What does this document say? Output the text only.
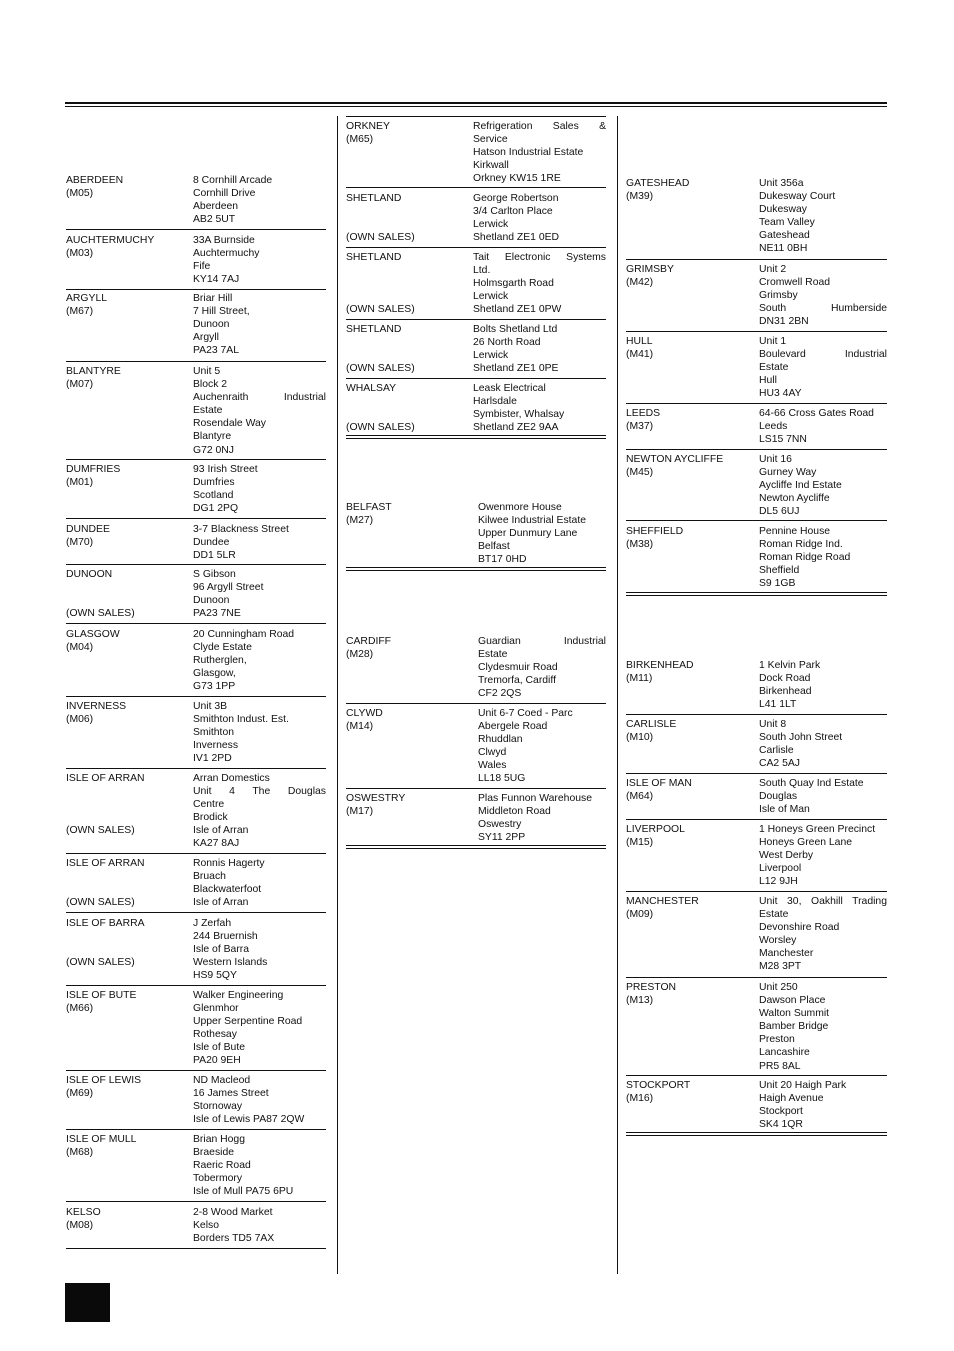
ABERDEEN
(M05)
8 Cornhill Arcade
Cornhill Drive
Aberdeen
AB2 5UT
AUCHTERMUCHY
(M03)
33A Burnside
Auchtermuchy
Fife
KY14 7AJ
ARGYLL
(M67)
Briar Hill
7 Hill Street,
Dunoon
Argyll
PA23 7AL
BLANTYRE
(M07)
Unit 5
Block 2
Auchenraith Industrial
Estate
Rosendale Way
Blantyre
G72 0NJ
DUMFRIES
(M01)
93 Irish Street
Dumfries
Scotland
DG1 2PQ
DUNDEE
(M70)
3-7 Blackness Street
Dundee
DD1 5LR
DUNOON
(OWN SALES)
S Gibson
96 Argyll Street
Dunoon
PA23 7NE
GLASGOW
(M04)
20 Cunningham Road
Clyde Estate
Rutherglen,
Glasgow,
G73 1PP
INVERNESS
(M06)
Unit 3B
Smithton Indust. Est.
Smithton
Inverness
IV1 2PD
ISLE OF ARRAN
(OWN SALES)
Arran Domestics
Unit 4 The Douglas
Centre
Brodick
Isle of Arran
KA27 8AJ
ISLE OF ARRAN
(OWN SALES)
Ronnis Hagerty
Bruach
Blackwaterfoot
Isle of Arran
ISLE OF BARRA
(OWN SALES)
J Zerfah
244 Bruernish
Isle of Barra
Western Islands
HS9 5QY
ISLE OF BUTE
(M66)
Walker Engineering
Glenmhor
Upper Serpentine Road
Rothesay
Isle of Bute
PA20 9EH
ISLE OF LEWIS
(M69)
ND Macleod
16 James Street
Stornoway
Isle of Lewis PA87 2QW
ISLE OF MULL
(M68)
Brian Hogg
Braeside
Raeric Road
Tobermory
Isle of Mull PA75 6PU
KELSO
(M08)
2-8 Wood Market
Kelso
Borders TD5 7AX
ORKNEY
(M65)
Refrigeration Sales &
Service
Hatson Industrial Estate
Kirkwall
Orkney KW15 1RE
SHETLAND
(OWN SALES)
George Robertson
3/4 Carlton Place
Lerwick
Shetland ZE1 0ED
SHETLAND
(OWN SALES)
Tait Electronic Systems
Ltd.
Holmsgarth Road
Lerwick
Shetland ZE1 0PW
SHETLAND
(OWN SALES)
Bolts Shetland Ltd
26 North Road
Lerwick
Shetland ZE1 0PE
WHALSAY
(OWN SALES)
Leask Electrical
Harlsdale
Symbister, Whalsay
Shetland ZE2 9AA
BELFAST
(M27)
Owenmore House
Kilwee Industrial Estate
Upper Dunmury Lane
Belfast
BT17 0HD
CARDIFF
(M28)
Guardian Industrial
Estate
Clydesmuir Road
Tremorfa, Cardiff
CF2 2QS
CLYWD
(M14)
Unit 6-7 Coed - Parc
Abergele Road
Rhuddlan
Clwyd
Wales
LL18 5UG
OSWESTRY
(M17)
Plas Funnon Warehouse
Middleton Road
Oswestry
SY11 2PP
GATESHEAD
(M39)
Unit 356a
Dukesway Court
Dukesway
Team Valley
Gateshead
NE11 0BH
GRIMSBY
(M42)
Unit 2
Cromwell Road
Grimsby
South Humberside
DN31 2BN
HULL
(M41)
Unit 1
Boulevard Industrial
Estate
Hull
HU3 4AY
LEEDS
(M37)
64-66 Cross Gates Road
Leeds
LS15 7NN
NEWTON AYCLIFFE
(M45)
Unit 16
Gurney Way
Aycliffe Ind Estate
Newton Aycliffe
DL5 6UJ
SHEFFIELD
(M38)
Pennine House
Roman Ridge Ind.
Roman Ridge Road
Sheffield
S9 1GB
BIRKENHEAD
(M11)
1 Kelvin Park
Dock Road
Birkenhead
L41 1LT
CARLISLE
(M10)
Unit 8
South John Street
Carlisle
CA2 5AJ
ISLE OF MAN
(M64)
South Quay Ind Estate
Douglas
Isle of Man
LIVERPOOL
(M15)
1 Honeys Green Precinct
Honeys Green Lane
West Derby
Liverpool
L12 9JH
MANCHESTER
(M09)
Unit 30, Oakhill Trading
Estate
Devonshire Road
Worsley
Manchester
M28 3PT
PRESTON
(M13)
Unit 250
Dawson Place
Walton Summit
Bamber Bridge
Preston
Lancashire
PR5 8AL
STOCKPORT
(M16)
Unit 20 Haigh Park
Haigh Avenue
Stockport
SK4 1QR
